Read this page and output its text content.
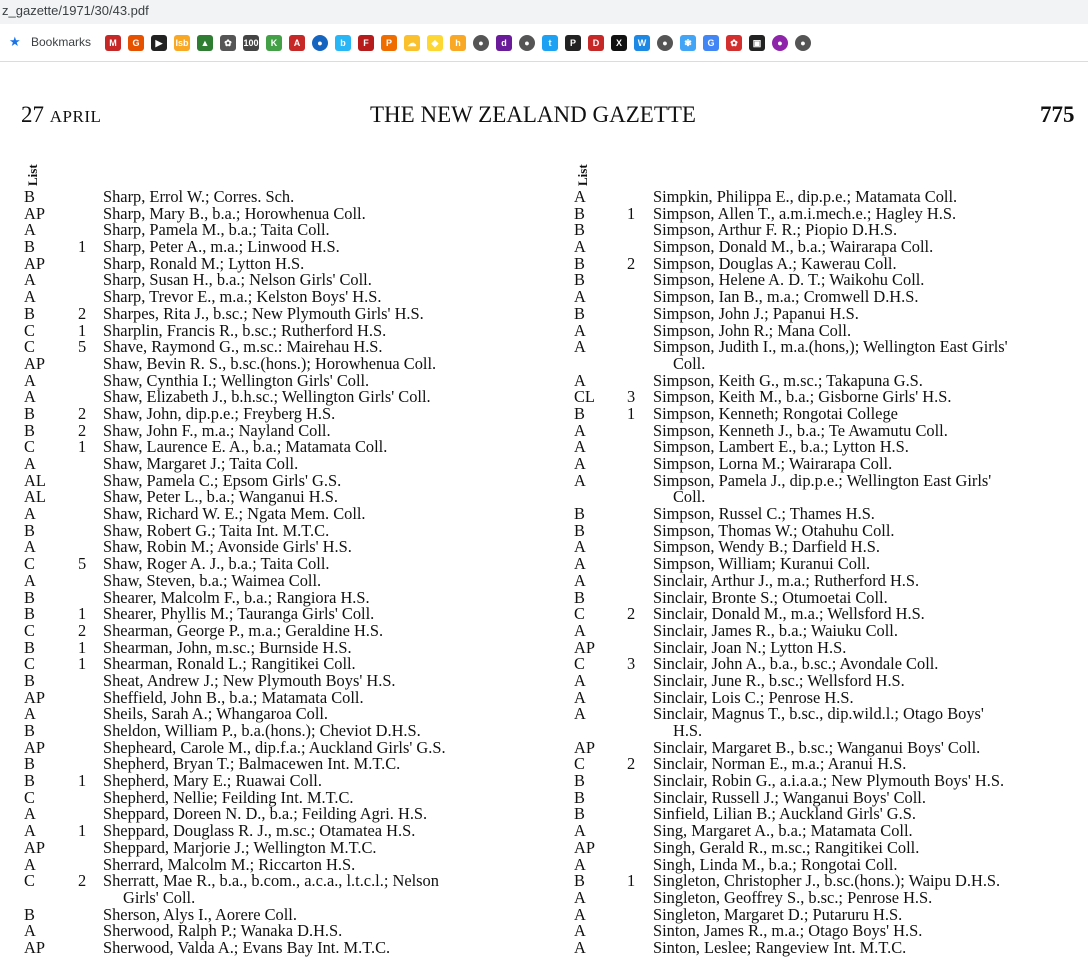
z_gazette/1971/30/43.pdf
★ Bookmarks	M	G	▶	Isb	▲	✿	100	K	A	●	b	F	P	☁	◆	h	●	d	●	t	P	D	X	W	●	✾	G	✿	▣	●	●
27 APRIL	THE NEW ZEALAND GAZETTE	775
List	List
B	Sharp, Errol W.; Corres. Sch.
AP	Sharp, Mary B., b.a.; Horowhenua Coll.
A	Sharp, Pamela M., b.a.; Taita Coll.
B	1 Sharp, Peter A., m.a.; Linwood H.S.
AP	Sharp, Ronald M.; Lytton H.S.
A	Sharp, Susan H., b.a.; Nelson Girls' Coll.
A	Sharp, Trevor E., m.a.; Kelston Boys' H.S.
B	2 Sharpes, Rita J., b.sc.; New Plymouth Girls' H.S.
C	1 Sharplin, Francis R., b.sc.; Rutherford H.S.
C	5 Shave, Raymond G., m.sc.: Mairehau H.S.
AP	Shaw, Bevin R. S., b.sc.(hons.); Horowhenua Coll.
A	Shaw, Cynthia I.; Wellington Girls' Coll.
A	Shaw, Elizabeth J., b.h.sc.; Wellington Girls' Coll.
B	2 Shaw, John, dip.p.e.; Freyberg H.S.
B	2 Shaw, John F., m.a.; Nayland Coll.
C	1 Shaw, Laurence E. A., b.a.; Matamata Coll.
A	Shaw, Margaret J.; Taita Coll.
AL	Shaw, Pamela C.; Epsom Girls' G.S.
AL	Shaw, Peter L., b.a.; Wanganui H.S.
A	Shaw, Richard W. E.; Ngata Mem. Coll.
B	Shaw, Robert G.; Taita Int. M.T.C.
A	Shaw, Robin M.; Avonside Girls' H.S.
C	5 Shaw, Roger A. J., b.a.; Taita Coll.
A	Shaw, Steven, b.a.; Waimea Coll.
B	Shearer, Malcolm F., b.a.; Rangiora H.S.
B	1 Shearer, Phyllis M.; Tauranga Girls' Coll.
C	2 Shearman, George P., m.a.; Geraldine H.S.
B	1 Shearman, John, m.sc.; Burnside H.S.
C	1 Shearman, Ronald L.; Rangitikei Coll.
B	Sheat, Andrew J.; New Plymouth Boys' H.S.
AP	Sheffield, John B., b.a.; Matamata Coll.
A	Sheils, Sarah A.; Whangaroa Coll.
B	Sheldon, William P., b.a.(hons.); Cheviot D.H.S.
AP	Shepheard, Carole M., dip.f.a.; Auckland Girls' G.S.
B	Shepherd, Bryan T.; Balmacewen Int. M.T.C.
B	1 Shepherd, Mary E.; Ruawai Coll.
C	Shepherd, Nellie; Feilding Int. M.T.C.
A	Sheppard, Doreen N. D., b.a.; Feilding Agri. H.S.
A	1 Sheppard, Douglass R. J., m.sc.; Otamatea H.S.
AP	Sheppard, Marjorie J.; Wellington M.T.C.
A	Sherrard, Malcolm M.; Riccarton H.S.
C	2 Sherratt, Mae R., b.a., b.com., a.c.a., l.t.c.l.; Nelson
Girls' Coll.
B	Sherson, Alys I., Aorere Coll.
A	Sherwood, Ralph P.; Wanaka D.H.S.
AP	Sherwood, Valda A.; Evans Bay Int. M.T.C.
A	Simpkin, Philippa E., dip.p.e.; Matamata Coll.
B	1 Simpson, Allen T., a.m.i.mech.e.; Hagley H.S.
B	Simpson, Arthur F. R.; Piopio D.H.S.
A	Simpson, Donald M., b.a.; Wairarapa Coll.
B	2 Simpson, Douglas A.; Kawerau Coll.
B	Simpson, Helene A. D. T.; Waikohu Coll.
A	Simpson, Ian B., m.a.; Cromwell D.H.S.
B	Simpson, John J.; Papanui H.S.
A	Simpson, John R.; Mana Coll.
A	Simpson, Judith I., m.a.(hons,); Wellington East Girls'
Coll.
A	Simpson, Keith G., m.sc.; Takapuna G.S.
CL 3 Simpson, Keith M., b.a.; Gisborne Girls' H.S.
B	1 Simpson, Kenneth; Rongotai College
A	Simpson, Kenneth J., b.a.; Te Awamutu Coll.
A	Simpson, Lambert E., b.a.; Lytton H.S.
A	Simpson, Lorna M.; Wairarapa Coll.
A	Simpson, Pamela J., dip.p.e.; Wellington East Girls'
Coll.
B	Simpson, Russel C.; Thames H.S.
B	Simpson, Thomas W.; Otahuhu Coll.
A	Simpson, Wendy B.; Darfield H.S.
A	Simpson, William; Kuranui Coll.
A	Sinclair, Arthur J., m.a.; Rutherford H.S.
B	Sinclair, Bronte S.; Otumoetai Coll.
C	2 Sinclair, Donald M., m.a.; Wellsford H.S.
A	Sinclair, James R., b.a.; Waiuku Coll.
AP	Sinclair, Joan N.; Lytton H.S.
C	3 Sinclair, John A., b.a., b.sc.; Avondale Coll.
A	Sinclair, June R., b.sc.; Wellsford H.S.
A	Sinclair, Lois C.; Penrose H.S.
A	Sinclair, Magnus T., b.sc., dip.wild.l.; Otago Boys'
H.S.
AP	Sinclair, Margaret B., b.sc.; Wanganui Boys' Coll.
C	2 Sinclair, Norman E., m.a.; Aranui H.S.
B	Sinclair, Robin G., a.i.a.a.; New Plymouth Boys' H.S.
B	Sinclair, Russell J.; Wanganui Boys' Coll.
B	Sinfield, Lilian B.; Auckland Girls' G.S.
A	Sing, Margaret A., b.a.; Matamata Coll.
AP	Singh, Gerald R., m.sc.; Rangitikei Coll.
A	Singh, Linda M., b.a.; Rongotai Coll.
B	1 Singleton, Christopher J., b.sc.(hons.); Waipu D.H.S.
A	Singleton, Geoffrey S., b.sc.; Penrose H.S.
A	Singleton, Margaret D.; Putaruru H.S.
A	Sinton, James R., m.a.; Otago Boys' H.S.
A	Sinton, Leslee; Rangeview Int. M.T.C.
